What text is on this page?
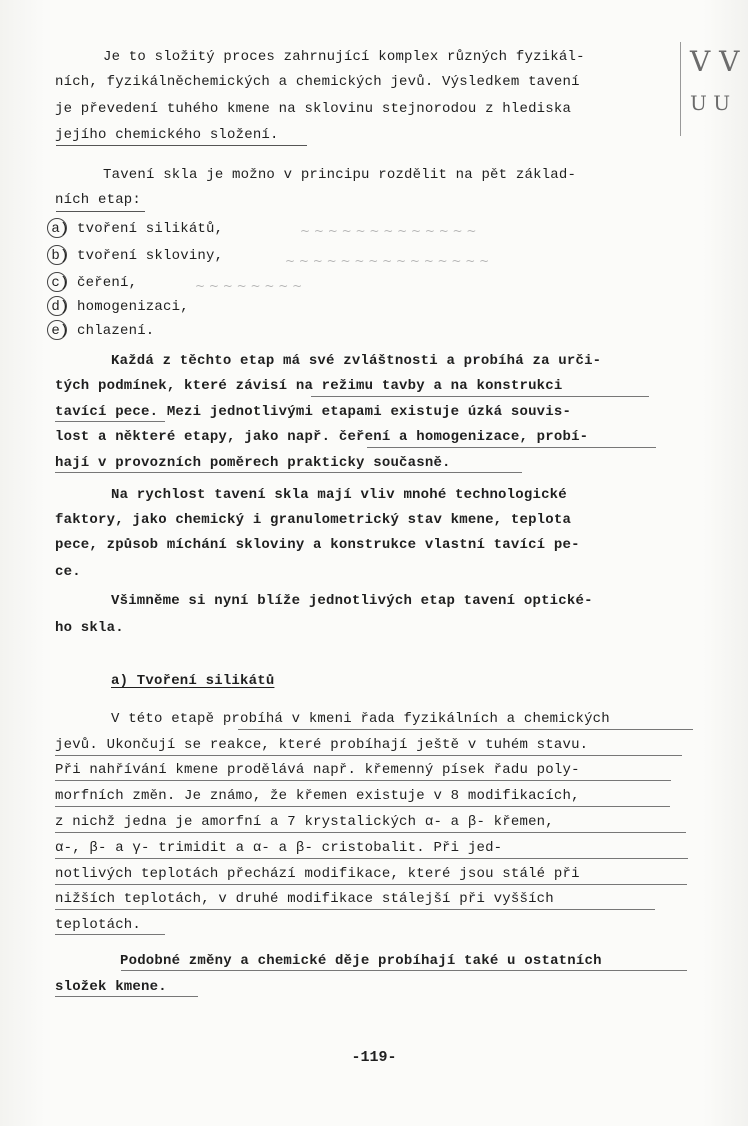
V V
U U
Je to složitý proces zahrnující komplex různých fyzikál-
ních, fyzikálněchemických a chemických jevů. Výsledkem tavení
je převedení tuhého kmene na sklovinu stejnorodou z hlediska
jejího chemického složení.
Tavení skla je možno v principu rozdělit na pět základ-
ních etap:
a) tvoření silikátů,
b) tvoření skloviny,
c) čeření,
d) homogenizaci,
e) chlazení.
~ ~ ~ ~ ~ ~ ~ ~ ~ ~ ~ ~ ~
~ ~ ~ ~ ~ ~ ~ ~ ~ ~ ~ ~ ~ ~ ~
~ ~ ~ ~ ~ ~ ~ ~
Každá z těchto etap má své zvláštnosti a probíhá za urči-
tých podmínek, které závisí na režimu tavby a na konstrukci
tavící pece. Mezi jednotlivými etapami existuje úzká souvis-
lost a některé etapy, jako např. čeření a homogenizace, probí-
hají v provozních poměrech prakticky současně.
Na rychlost tavení skla mají vliv mnohé technologické
faktory, jako chemický i granulometrický stav kmene, teplota
pece, způsob míchání skloviny a konstrukce vlastní tavící pe-
ce.
Všimněme si nyní blíže jednotlivých etap tavení optické-
ho skla.
a) Tvoření silikátů
V této etapě probíhá v kmeni řada fyzikálních a chemických
jevů. Ukončují se reakce, které probíhají ještě v tuhém stavu.
Při nahřívání kmene prodělává např. křemenný písek řadu poly-
morfních změn. Je známo, že křemen existuje v 8 modifikacích,
z nichž jedna je amorfní a 7 krystalických α- a β- křemen,
α-, β- a γ- trimidit a α- a β- cristobalit. Při jed-
notlivých teplotách přechází modifikace, které jsou stálé při
nižších teplotách, v druhé modifikace stálejší při vyšších
teplotách.
Podobné změny a chemické děje probíhají také u ostatních
složek kmene.
-119-
